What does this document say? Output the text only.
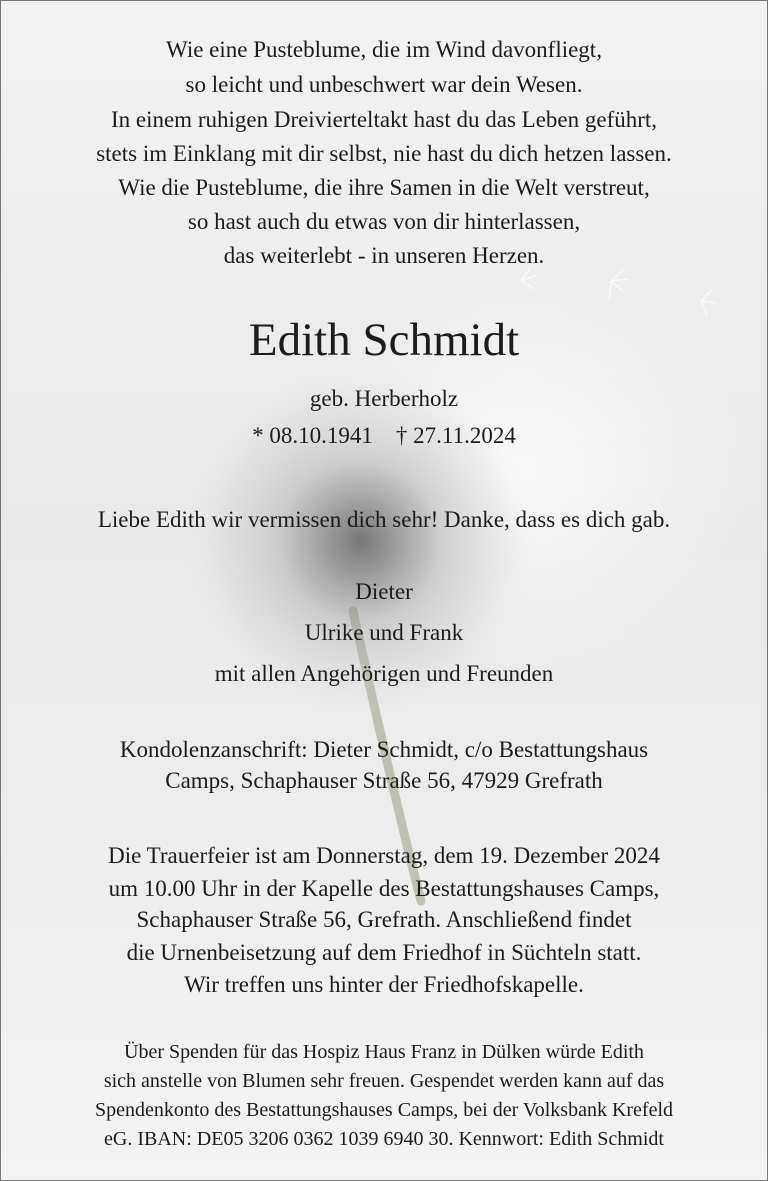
Wie eine Pusteblume, die im Wind davonfliegt,
so leicht und unbeschwert war dein Wesen.
In einem ruhigen Dreivierteltakt hast du das Leben geführt,
stets im Einklang mit dir selbst, nie hast du dich hetzen lassen.
Wie die Pusteblume, die ihre Samen in die Welt verstreut,
so hast auch du etwas von dir hinterlassen,
das weiterlebt - in unseren Herzen.
Edith Schmidt
geb. Herberholz
* 08.10.1941    † 27.11.2024
Liebe Edith wir vermissen dich sehr! Danke, dass es dich gab.
Dieter
Ulrike und Frank
mit allen Angehörigen und Freunden
Kondolenzanschrift: Dieter Schmidt, c/o Bestattungshaus
Camps, Schaphauser Straße 56, 47929 Grefrath
Die Trauerfeier ist am Donnerstag, dem 19. Dezember 2024
um 10.00 Uhr in der Kapelle des Bestattungshauses Camps,
Schaphauser Straße 56, Grefrath. Anschließend findet
die Urnenbeisetzung auf dem Friedhof in Süchteln statt.
Wir treffen uns hinter der Friedhofskapelle.
Über Spenden für das Hospiz Haus Franz in Dülken würde Edith
sich anstelle von Blumen sehr freuen. Gespendet werden kann auf das
Spendenkonto des Bestattungshauses Camps, bei der Volksbank Krefeld
eG. IBAN: DE05 3206 0362 1039 6940 30. Kennwort: Edith Schmidt
